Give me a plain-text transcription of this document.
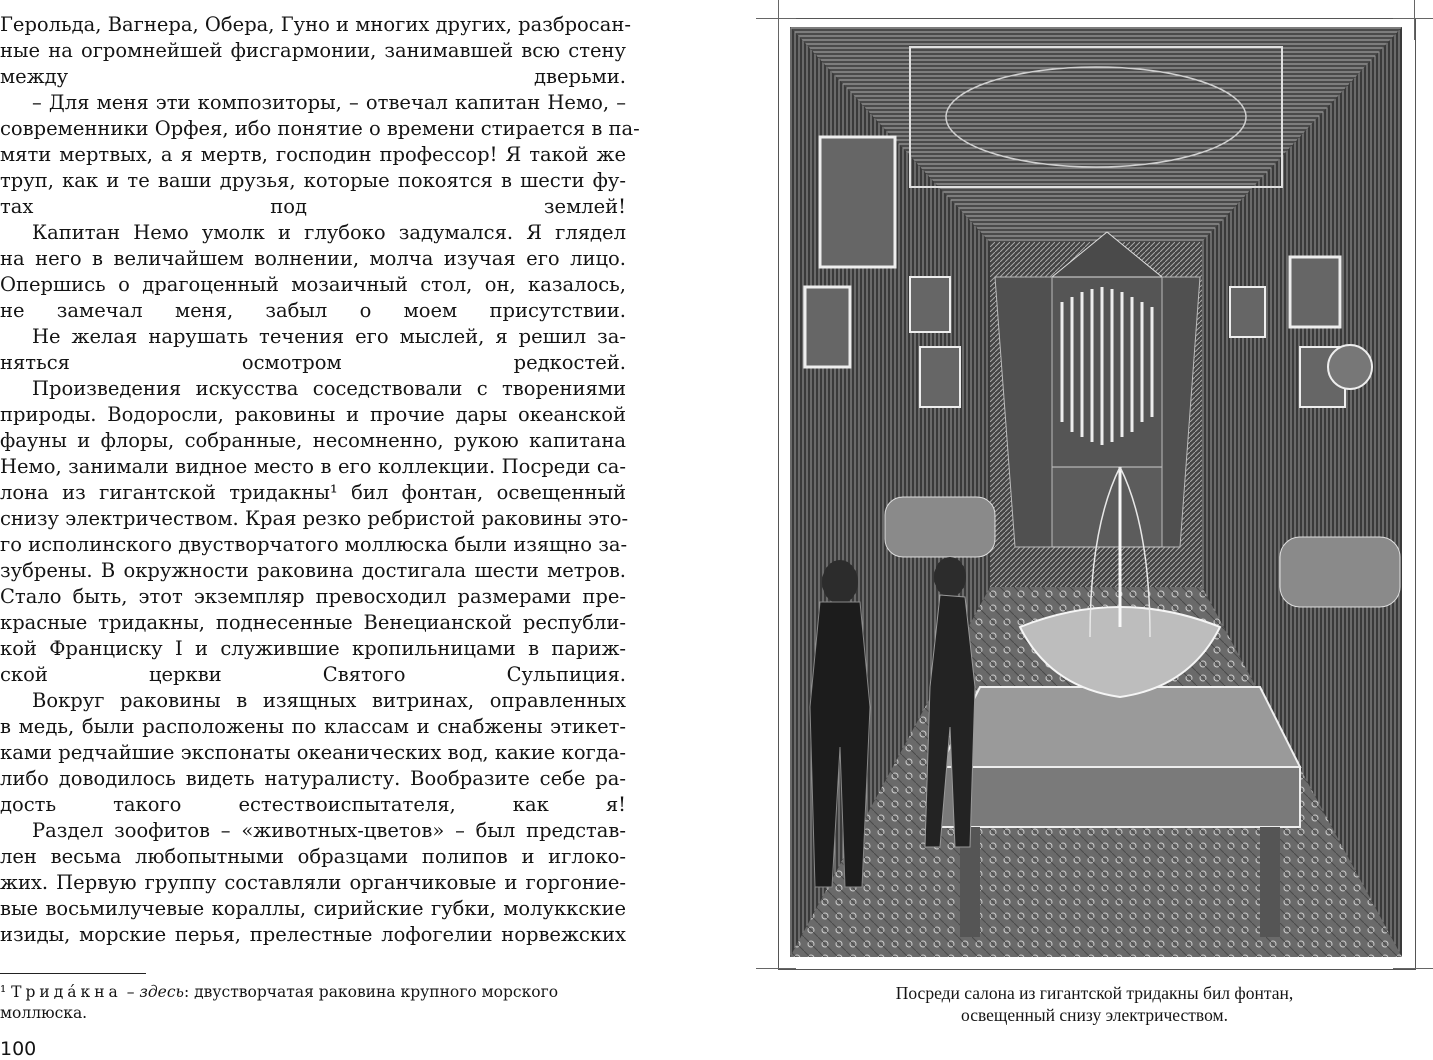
Герольда, Вагнера, Обера, Гуно и многих других, разбросан-
ные на огромнейшей фисгармонии, занимавшей всю стену
между дверьми.

– Для меня эти композиторы, – отвечал капитан Немо, –
современники Орфея, ибо понятие о времени стирается в па-
мяти мертвых, а я мертв, господин профессор! Я такой же
труп, как и те ваши друзья, которые покоятся в шести фу-
тах под землей!

Капитан Немо умолк и глубоко задумался. Я глядел
на него в величайшем волнении, молча изучая его лицо.
Опершись о драгоценный мозаичный стол, он, казалось,
не замечал меня, забыл о моем присутствии.

Не желая нарушать течения его мыслей, я решил за-
няться осмотром редкостей.

Произведения искусства соседствовали с творениями
природы. Водоросли, раковины и прочие дары океанской
фауны и флоры, собранные, несомненно, рукою капитана
Немо, занимали видное место в его коллекции. Посреди са-
лона из гигантской тридакны¹ бил фонтан, освещенный
снизу электричеством. Края резко ребристой раковины это-
го исполинского двустворчатого моллюска были изящно за-
зубрены. В окружности раковина достигала шести метров.
Стало быть, этот экземпляр превосходил размерами пре-
красные тридакны, поднесенные Венецианской республи-
кой Франциску I и служившие кропильницами в париж-
ской церкви Святого Сульпиция.

Вокруг раковины в изящных витринах, оправленных
в медь, были расположены по классам и снабжены этикет-
ками редчайшие экспонаты океанических вод, какие когда-
либо доводилось видеть натуралисту. Вообразите себе ра-
дость такого естествоиспытателя, как я!

Раздел зоофитов – «животных-цветов» – был представ-
лен весьма любопытными образцами полипов и иглоко-
жих. Первую группу составляли органчиковые и горгоние-
вые восьмилучевые кораллы, сирийские губки, молуккские
изиды, морские перья, прелестные лофогелии норвежских

¹ Трида́кна – здесь: двустворчатая раковина крупного морского
моллюска.
100
Посреди салона из гигантской тридакны бил фонтан,
освещенный снизу электричеством.
